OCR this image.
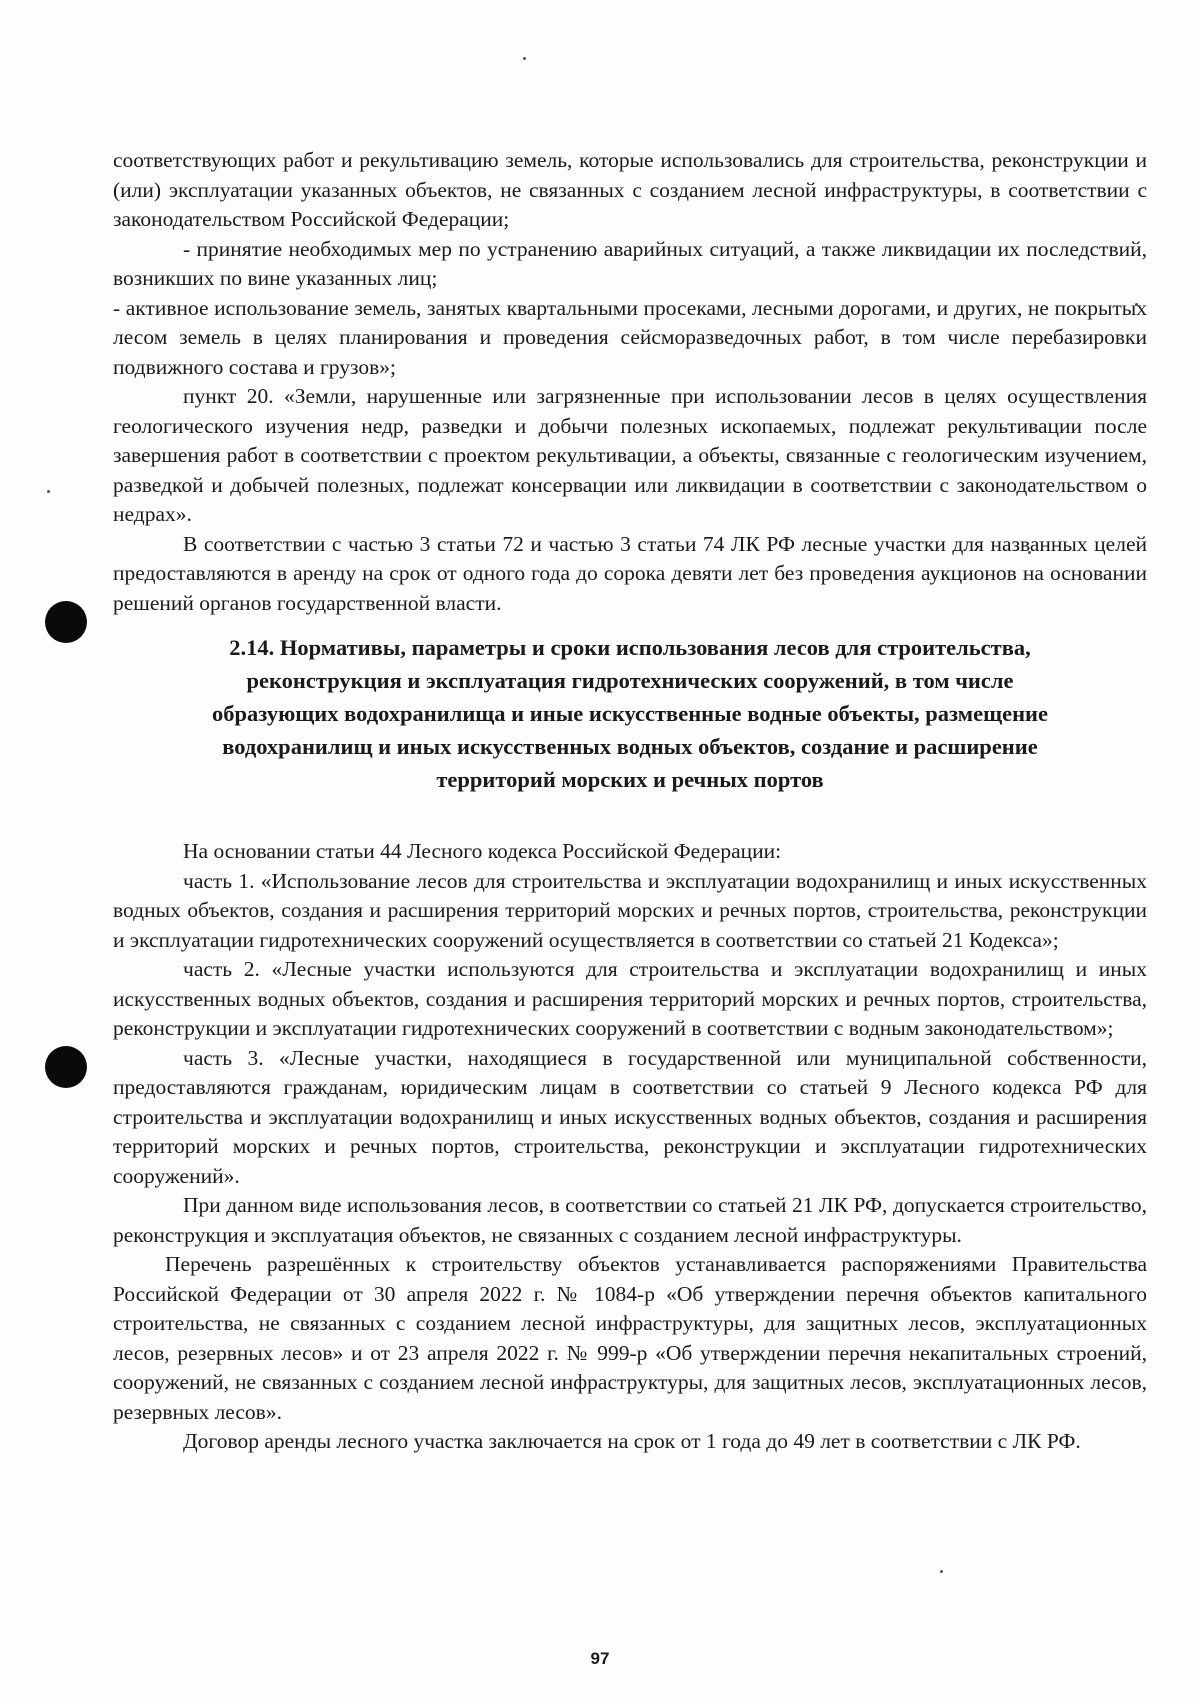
соответствующих работ и рекультивацию земель, которые использовались для строительства, реконструкции и (или) эксплуатации указанных объектов, не связанных с созданием лесной инфраструктуры, в соответствии с законодательством Российской Федерации;

- принятие необходимых мер по устранению аварийных ситуаций, а также ликвидации их последствий, возникших по вине указанных лиц;

- активное использование земель, занятых квартальными просеками, лесными дорогами, и других, не покрытых лесом земель в целях планирования и проведения сейсморазведочных работ, в том числе перебазировки подвижного состава и грузов»;

пункт 20. «Земли, нарушенные или загрязненные при использовании лесов в целях осуществления геологического изучения недр, разведки и добычи полезных ископаемых, подлежат рекультивации после завершения работ в соответствии с проектом рекультивации, а объекты, связанные с геологическим изучением, разведкой и добычей полезных, подлежат консервации или ликвидации в соответствии с законодательством о недрах».

В соответствии с частью 3 статьи 72 и частью 3 статьи 74 ЛК РФ лесные участки для названных целей предоставляются в аренду на срок от одного года до сорока девяти лет без проведения аукционов на основании решений органов государственной власти.

2.14. Нормативы, параметры и сроки использования лесов для строительства,
реконструкция и эксплуатация гидротехнических сооружений, в том числе
образующих водохранилища и иные искусственные водные объекты, размещение
водохранилищ и иных искусственных водных объектов, создание и расширение
территорий морских и речных портов

На основании статьи 44 Лесного кодекса Российской Федерации:

часть 1. «Использование лесов для строительства и эксплуатации водохранилищ и иных искусственных водных объектов, создания и расширения территорий морских и речных портов, строительства, реконструкции и эксплуатации гидротехнических сооружений осуществляется в соответствии со статьей 21 Кодекса»;

часть 2. «Лесные участки используются для строительства и эксплуатации водохранилищ и иных искусственных водных объектов, создания и расширения территорий морских и речных портов, строительства, реконструкции и эксплуатации гидротехнических сооружений в соответствии с водным законодательством»;

часть 3. «Лесные участки, находящиеся в государственной или муниципальной собственности, предоставляются гражданам, юридическим лицам в соответствии со статьей 9 Лесного кодекса РФ для строительства и эксплуатации водохранилищ и иных искусственных водных объектов, создания и расширения территорий морских и речных портов, строительства, реконструкции и эксплуатации гидротехнических сооружений».

При данном виде использования лесов, в соответствии со статьей 21 ЛК РФ, допускается строительство, реконструкция и эксплуатация объектов, не связанных с созданием лесной инфраструктуры.

Перечень разрешённых к строительству объектов устанавливается распоряжениями Правительства Российской Федерации от 30 апреля 2022 г. № 1084-р «Об утверждении перечня объектов капитального строительства, не связанных с созданием лесной инфраструктуры, для защитных лесов, эксплуатационных лесов, резервных лесов» и от 23 апреля 2022 г. № 999-р «Об утверждении перечня некапитальных строений, сооружений, не связанных с созданием лесной инфраструктуры, для защитных лесов, эксплуатационных лесов, резервных лесов».

Договор аренды лесного участка заключается на срок от 1 года до 49 лет в соответствии с ЛК РФ.

97
